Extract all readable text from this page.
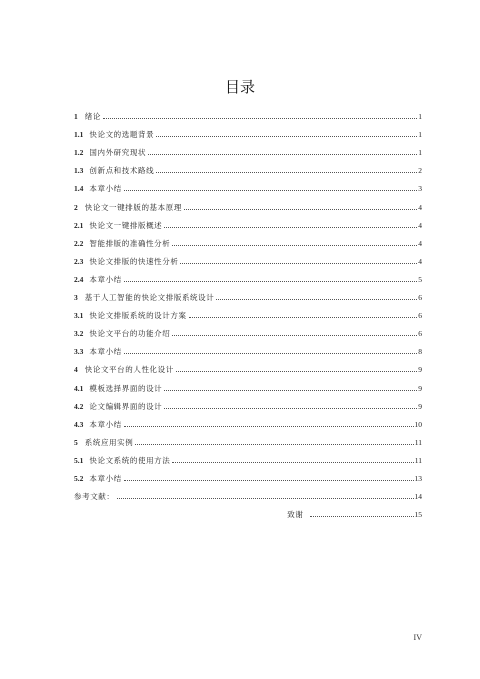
目录
1 绪论	1
1.1 快论文的选题背景	1
1.2 国内外研究现状	1
1.3 创新点和技术路线	2
1.4 本章小结	3
2 快论文一键排版的基本原理	4
2.1 快论文一键排版概述	4
2.2 智能排版的准确性分析	4
2.3 快论文排版的快速性分析	4
2.4 本章小结	5
3 基于人工智能的快论文排版系统设计	6
3.1 快论文排版系统的设计方案	6
3.2 快论文平台的功能介绍	6
3.3 本章小结	8
4 快论文平台的人性化设计	9
4.1 模板选择界面的设计	9
4.2 论文编辑界面的设计	9
4.3 本章小结	10
5 系统应用实例	11
5.1 快论文系统的使用方法	11
5.2 本章小结	13
参考文献：	14
致谢	15
IV
